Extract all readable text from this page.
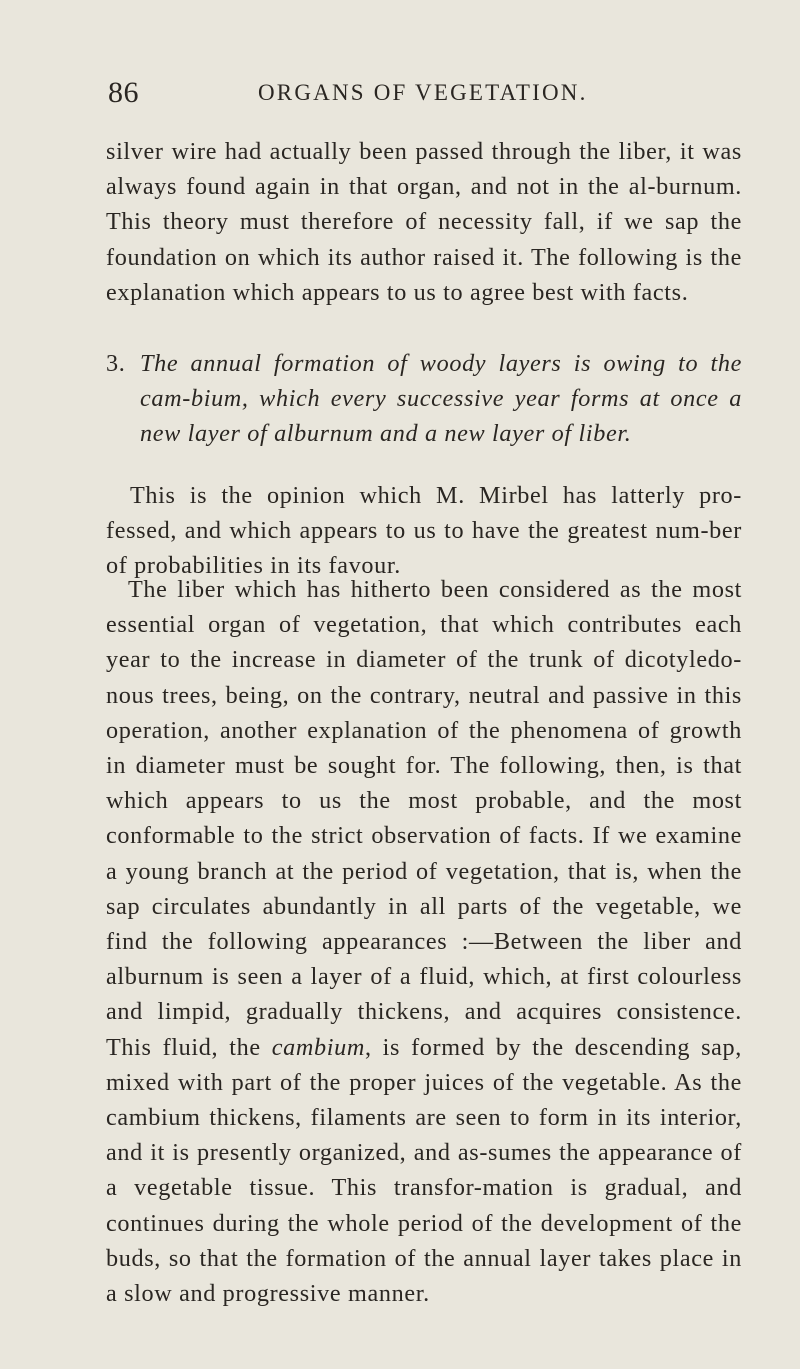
86	ORGANS OF VEGETATION.

silver wire had actually been passed through the liber, it was always found again in that organ, and not in the al-burnum. This theory must therefore of necessity fall, if we sap the foundation on which its author raised it. The following is the explanation which appears to us to agree best with facts.

3. The annual formation of woody layers is owing to the cam-bium, which every successive year forms at once a new layer of alburnum and a new layer of liber.

This is the opinion which M. Mirbel has latterly pro-fessed, and which appears to us to have the greatest num-ber of probabilities in its favour.

The liber which has hitherto been considered as the most essential organ of vegetation, that which contributes each year to the increase in diameter of the trunk of dicotyledo-nous trees, being, on the contrary, neutral and passive in this operation, another explanation of the phenomena of growth in diameter must be sought for. The following, then, is that which appears to us the most probable, and the most conformable to the strict observation of facts. If we examine a young branch at the period of vegetation, that is, when the sap circulates abundantly in all parts of the vegetable, we find the following appearances :—Between the liber and alburnum is seen a layer of a fluid, which, at first colourless and limpid, gradually thickens, and acquires consistence. This fluid, the cambium, is formed by the descending sap, mixed with part of the proper juices of the vegetable. As the cambium thickens, filaments are seen to form in its interior, and it is presently organized, and as-sumes the appearance of a vegetable tissue. This transfor-mation is gradual, and continues during the whole period of the development of the buds, so that the formation of the annual layer takes place in a slow and progressive manner.
